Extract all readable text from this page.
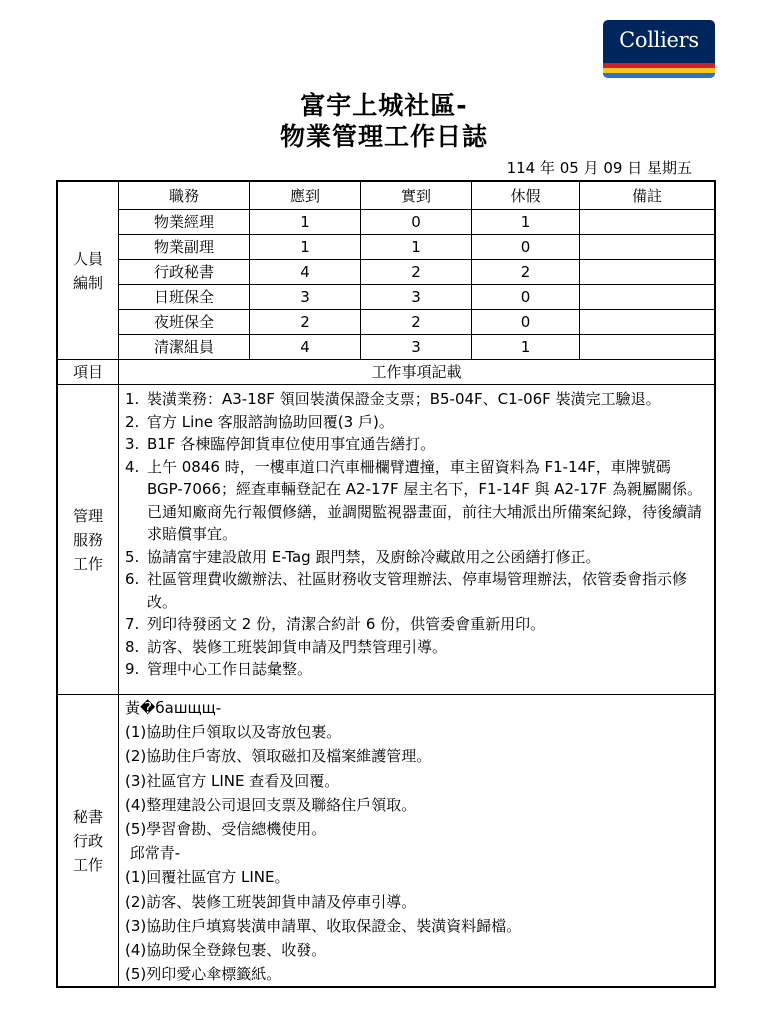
Colliers
富宇上城社區-
物業管理工作日誌
114 年 05 月 09 日 星期五
人員
編制
職務	應到	實到	休假	備註
物業經理	1	0	1
物業副理	1	1	0
行政秘書	4	2	2
日班保全	3	3	0
夜班保全	2	2	0
清潔組員	4	3	1
項目	工作事項記載
管理
服務
工作
1. 裝潢業務：A3-18F 領回裝潢保證金支票；B5-04F、C1-06F 裝潢完工驗退。
2. 官方 Line 客服諮詢協助回覆(3 戶)。
3. B1F 各棟臨停卸貨車位使用事宜通告繕打。
4. 上午 0846 時，一樓車道口汽車柵欄臂遭撞，車主留資料為 F1-14F，車牌號碼 BGP-7066；經查車輛登記在 A2-17F 屋主名下，F1-14F 與 A2-17F 為親屬關係。已通知廠商先行報價修繕，並調閱監視器畫面，前往大埔派出所備案紀錄，待後續請求賠償事宜。
5. 協請富宇建設啟用 E-Tag 跟門禁，及廚餘冷藏啟用之公函繕打修正。
6. 社區管理費收繳辦法、社區財務收支管理辦法、停車場管理辦法，依管委會指示修改。
7. 列印待發函文 2 份，清潔合約計 6 份，供管委會重新用印。
8. 訪客、裝修工班裝卸貨申請及門禁管理引導。
9. 管理中心工作日誌彙整。
秘書
行政
工作
黃�башщщ-
(1)協助住戶領取以及寄放包裹。
(2)協助住戶寄放、領取磁扣及檔案維護管理。
(3)社區官方 LINE 查看及回覆。
(4)整理建設公司退回支票及聯絡住戶領取。
(5)學習會勘、受信總機使用。
邱常青-
(1)回覆社區官方 LINE。
(2)訪客、裝修工班裝卸貨申請及停車引導。
(3)協助住戶填寫裝潢申請單、收取保證金、裝潢資料歸檔。
(4)協助保全登錄包裹、收發。
(5)列印愛心傘標籤紙。
